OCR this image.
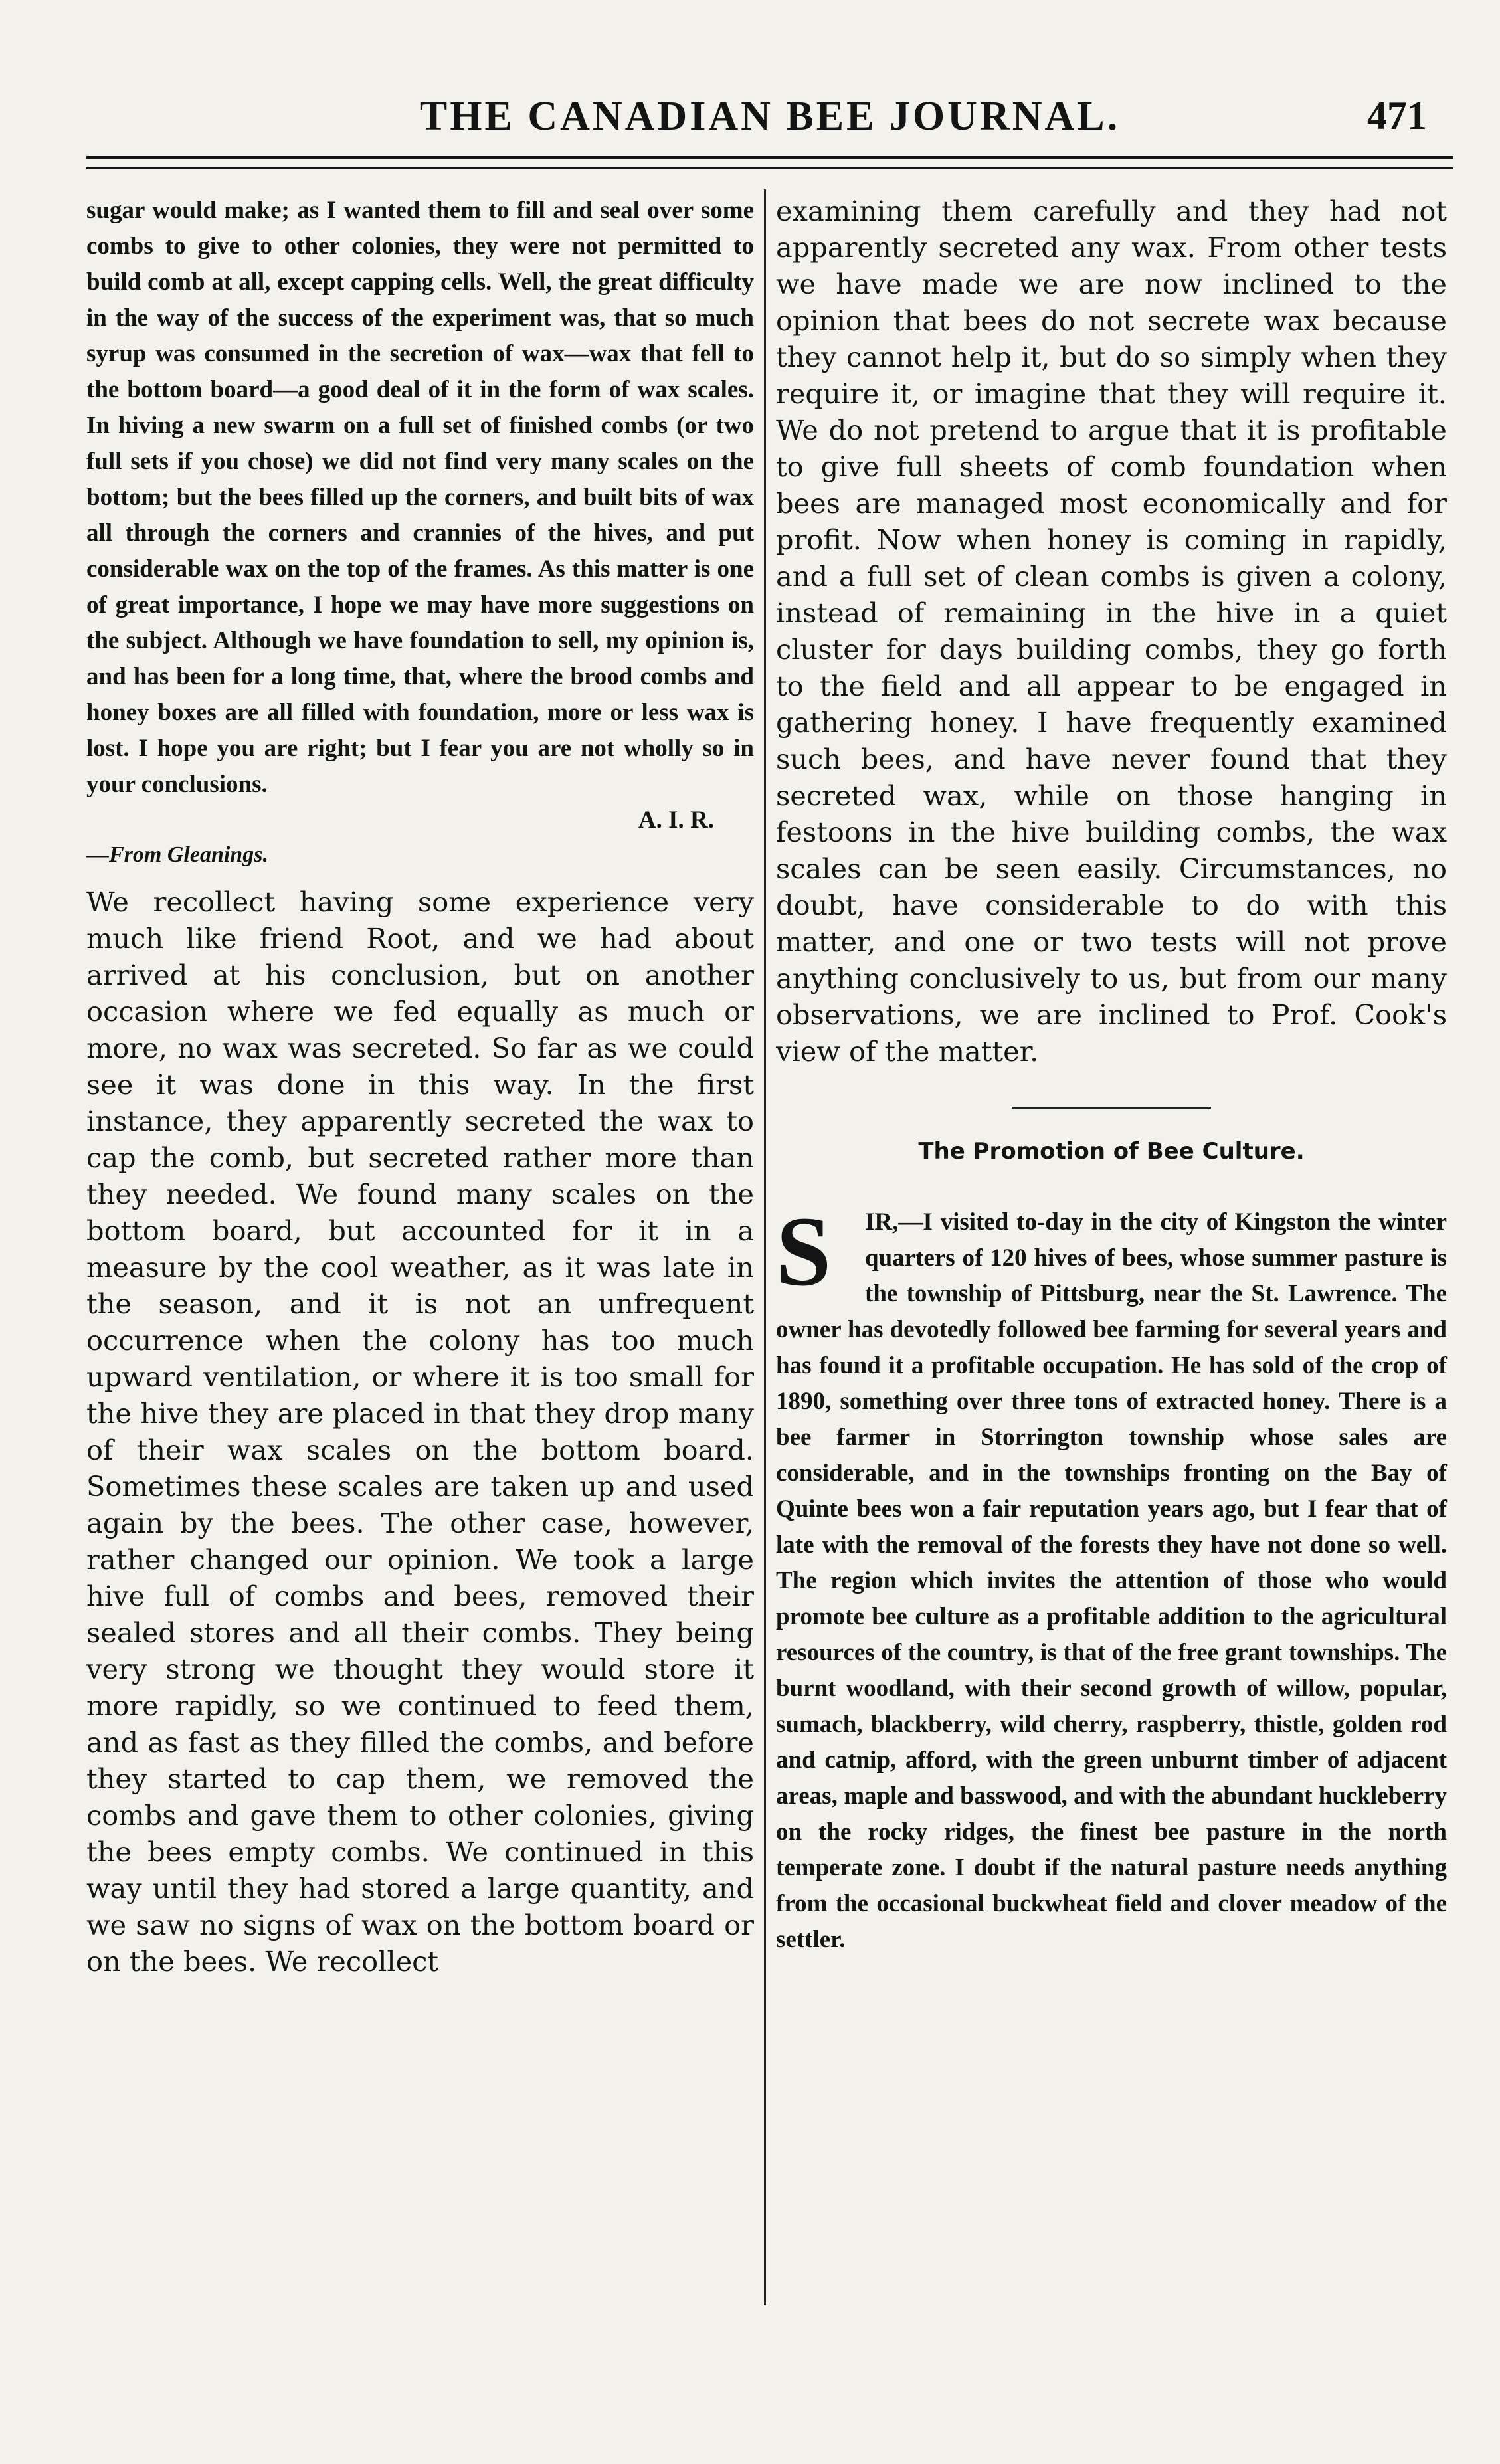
THE CANADIAN BEE JOURNAL.	471

sugar would make; as I wanted them to fill and seal over some combs to give to other colonies, they were not permitted to build comb at all, except capping cells. Well, the great difficulty in the way of the success of the experiment was, that so much syrup was consumed in the secretion of wax—wax that fell to the bottom board—a good deal of it in the form of wax scales. In hiving a new swarm on a full set of finished combs (or two full sets if you chose) we did not find very many scales on the bottom; but the bees filled up the corners, and built bits of wax all through the corners and crannies of the hives, and put considerable wax on the top of the frames. As this matter is one of great importance, I hope we may have more suggestions on the subject. Although we have foundation to sell, my opinion is, and has been for a long time, that, where the brood combs and honey boxes are all filled with foundation, more or less wax is lost. I hope you are right; but I fear you are not wholly so in your conclusions.

A. I. R.
—From Gleanings.

We recollect having some experience very much like friend Root, and we had about arrived at his conclusion, but on another occasion where we fed equally as much or more, no wax was secreted. So far as we could see it was done in this way. In the first instance, they apparently secreted the wax to cap the comb, but secreted rather more than they needed. We found many scales on the bottom board, but accounted for it in a measure by the cool weather, as it was late in the season, and it is not an unfrequent occurrence when the colony has too much upward ventilation, or where it is too small for the hive they are placed in that they drop many of their wax scales on the bottom board. Sometimes these scales are taken up and used again by the bees. The other case, however, rather changed our opinion. We took a large hive full of combs and bees, removed their sealed stores and all their combs. They being very strong we thought they would store it more rapidly, so we continued to feed them, and as fast as they filled the combs, and before they started to cap them, we removed the combs and gave them to other colonies, giving the bees empty combs. We continued in this way until they had stored a large quantity, and we saw no signs of wax on the bottom board or on the bees. We recollect

examining them carefully and they had not apparently secreted any wax. From other tests we have made we are now inclined to the opinion that bees do not secrete wax because they cannot help it, but do so simply when they require it, or imagine that they will require it. We do not pretend to argue that it is profitable to give full sheets of comb foundation when bees are managed most economically and for profit. Now when honey is coming in rapidly, and a full set of clean combs is given a colony, instead of remaining in the hive in a quiet cluster for days building combs, they go forth to the field and all appear to be engaged in gathering honey. I have frequently examined such bees, and have never found that they secreted wax, while on those hanging in festoons in the hive building combs, the wax scales can be seen easily. Circumstances, no doubt, have considerable to do with this matter, and one or two tests will not prove anything conclusively to us, but from our many observations, we are inclined to Prof. Cook's view of the matter.

The Promotion of Bee Culture.
S	IR,—I visited to-day in the city of Kingston the winter quarters of 120 hives of bees, whose summer pasture is the township of Pittsburg, near the St. Lawrence. The owner has devotedly followed bee farming for several years and has found it a profitable occupation. He has sold of the crop of 1890, something over three tons of extracted honey. There is a bee farmer in Storrington township whose sales are considerable, and in the townships fronting on the Bay of Quinte bees won a fair reputation years ago, but I fear that of late with the removal of the forests they have not done so well. The region which invites the attention of those who would promote bee culture as a profitable addition to the agricultural resources of the country, is that of the free grant townships. The burnt woodland, with their second growth of willow, popular, sumach, blackberry, wild cherry, raspberry, thistle, golden rod and catnip, afford, with the green unburnt timber of adjacent areas, maple and basswood, and with the abundant huckleberry on the rocky ridges, the finest bee pasture in the north temperate zone. I doubt if the natural pasture needs anything from the occasional buckwheat field and clover meadow of the settler.
